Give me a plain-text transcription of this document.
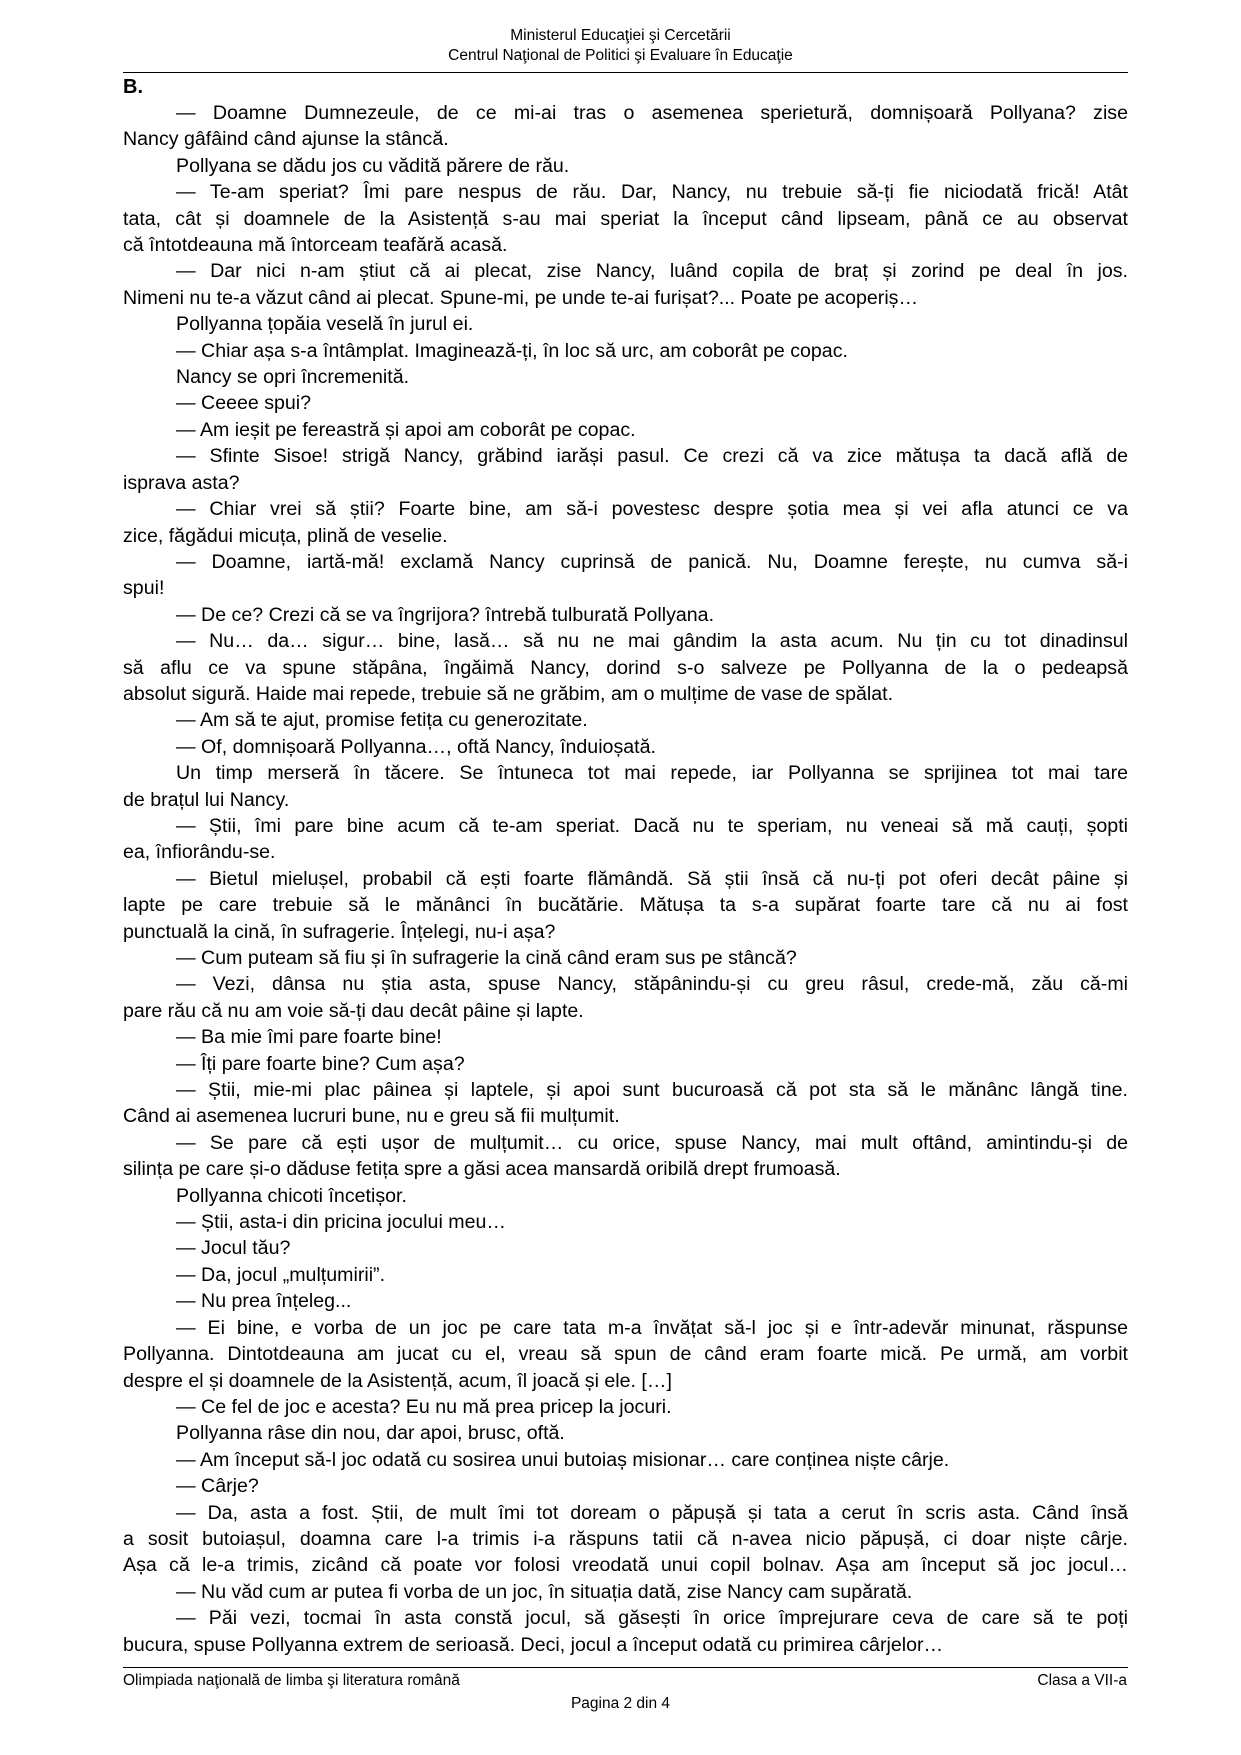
Ministerul Educaţiei şi Cercetării
Centrul Naţional de Politici şi Evaluare în Educaţie
B.
— Doamne Dumnezeule, de ce mi-ai tras o asemenea sperietură, domnișoară Pollyana? zise
Nancy gâfâind când ajunse la stâncă.
Pollyana se dădu jos cu vădită părere de rău.
— Te-am speriat? Îmi pare nespus de rău. Dar, Nancy, nu trebuie să-ți fie niciodată frică! Atât
tata, cât și doamnele de la Asistență s-au mai speriat la început când lipseam, până ce au observat
că întotdeauna mă întorceam teafără acasă.
— Dar nici n-am știut că ai plecat, zise Nancy, luând copila de braț și zorind pe deal în jos.
Nimeni nu te-a văzut când ai plecat. Spune-mi, pe unde te-ai furișat?... Poate pe acoperiș…
Pollyanna țopăia veselă în jurul ei.
— Chiar așa s-a întâmplat. Imaginează-ți, în loc să urc, am coborât pe copac.
Nancy se opri încremenită.
— Ceeee spui?
— Am ieșit pe fereastră și apoi am coborât pe copac.
— Sfinte Sisoe! strigă Nancy, grăbind iarăși pasul. Ce crezi că va zice mătușa ta dacă află de
isprava asta?
— Chiar vrei să știi? Foarte bine, am să-i povestesc despre șotia mea și vei afla atunci ce va
zice, făgădui micuța, plină de veselie.
— Doamne, iartă-mă! exclamă Nancy cuprinsă de panică. Nu, Doamne ferește, nu cumva să-i
spui!
— De ce? Crezi că se va îngrijora? întrebă tulburată Pollyana.
— Nu… da… sigur… bine, lasă… să nu ne mai gândim la asta acum. Nu țin cu tot dinadinsul
să aflu ce va spune stăpâna, îngăimă Nancy, dorind s-o salveze pe Pollyanna de la o pedeapsă
absolut sigură. Haide mai repede, trebuie să ne grăbim, am o mulțime de vase de spălat.
— Am să te ajut, promise fetița cu generozitate.
— Of, domnișoară Pollyanna…, oftă Nancy, înduioșată.
Un timp merseră în tăcere. Se întuneca tot mai repede, iar Pollyanna se sprijinea tot mai tare
de brațul lui Nancy.
— Știi, îmi pare bine acum că te-am speriat. Dacă nu te speriam, nu veneai să mă cauți, șopti
ea, înfiorându-se.
— Bietul mielușel, probabil că ești foarte flămândă. Să știi însă că nu-ți pot oferi decât pâine și
lapte pe care trebuie să le mănânci în bucătărie. Mătușa ta s-a supărat foarte tare că nu ai fost
punctuală la cină, în sufragerie. Înțelegi, nu-i așa?
— Cum puteam să fiu și în sufragerie la cină când eram sus pe stâncă?
— Vezi, dânsa nu știa asta, spuse Nancy, stăpânindu-și cu greu râsul, crede-mă, zău că-mi
pare rău că nu am voie să-ți dau decât pâine și lapte.
— Ba mie îmi pare foarte bine!
— Îți pare foarte bine? Cum așa?
— Știi, mie-mi plac pâinea și laptele, și apoi sunt bucuroasă că pot sta să le mănânc lângă tine.
Când ai asemenea lucruri bune, nu e greu să fii mulțumit.
— Se pare că ești ușor de mulțumit… cu orice, spuse Nancy, mai mult oftând, amintindu-și de
silința pe care și-o dăduse fetița spre a găsi acea mansardă oribilă drept frumoasă.
Pollyanna chicoti încetișor.
— Știi, asta-i din pricina jocului meu…
— Jocul tău?
— Da, jocul „mulțumirii”.
— Nu prea înțeleg...
— Ei bine, e vorba de un joc pe care tata m-a învățat să-l joc și e într-adevăr minunat, răspunse
Pollyanna. Dintotdeauna am jucat cu el, vreau să spun de când eram foarte mică. Pe urmă, am vorbit
despre el și doamnele de la Asistență, acum, îl joacă și ele. […]
— Ce fel de joc e acesta? Eu nu mă prea pricep la jocuri.
Pollyanna râse din nou, dar apoi, brusc, oftă.
— Am început să-l joc odată cu sosirea unui butoiaș misionar… care conținea niște cârje.
— Cârje?
— Da, asta a fost. Știi, de mult îmi tot doream o păpușă și tata a cerut în scris asta. Când însă
a sosit butoiașul, doamna care l-a trimis i-a răspuns tatii că n-avea nicio păpușă, ci doar niște cârje.
Așa că le-a trimis, zicând că poate vor folosi vreodată unui copil bolnav. Așa am început să joc jocul…
— Nu văd cum ar putea fi vorba de un joc, în situația dată, zise Nancy cam supărată.
— Păi vezi, tocmai în asta constă jocul, să găsești în orice împrejurare ceva de care să te poți
bucura, spuse Pollyanna extrem de serioasă. Deci, jocul a început odată cu primirea cârjelor…
Olimpiada naţională de limba şi literatura română	Clasa a VII-a
Pagina 2 din 4
